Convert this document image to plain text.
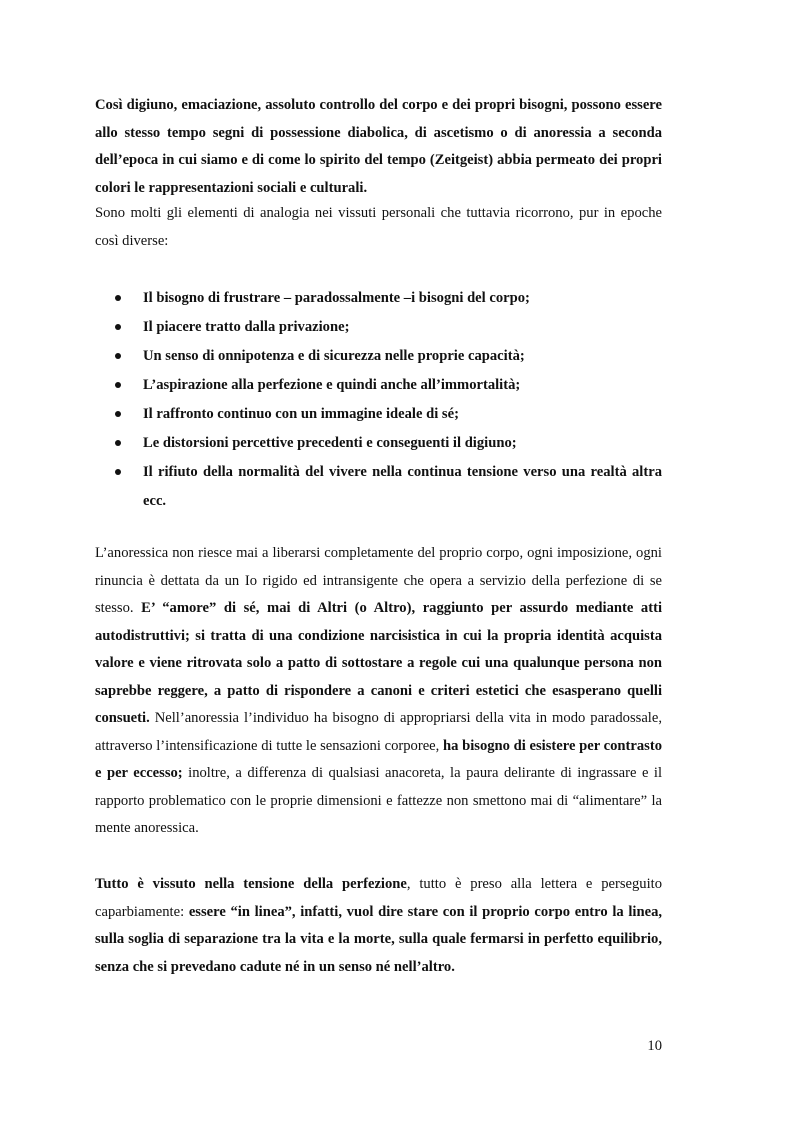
Così digiuno, emaciazione, assoluto controllo del corpo e dei propri bisogni, possono essere allo stesso tempo segni di possessione diabolica, di ascetismo o di anoressia a seconda dell’epoca in cui siamo e di come lo spirito del tempo (Zeitgeist) abbia permeato dei propri colori le rappresentazioni sociali e culturali.

Sono molti gli elementi di analogia nei vissuti personali che tuttavia ricorrono, pur in epoche così diverse:

Il bisogno di frustrare – paradossalmente –i bisogni del corpo;
Il piacere tratto dalla privazione;
Un senso di onnipotenza e di sicurezza nelle proprie capacità;
L’aspirazione alla perfezione e quindi anche all’immortalità;
Il raffronto continuo con un immagine ideale di sé;
Le distorsioni percettive precedenti e conseguenti il digiuno;
Il rifiuto della normalità del vivere nella continua tensione verso una realtà altra ecc.

L’anoressica non riesce mai a liberarsi completamente del proprio corpo, ogni imposizione, ogni rinuncia è dettata da un Io rigido ed intransigente che opera a servizio della perfezione di se stesso. E’ “amore” di sé, mai di Altri (o Altro), raggiunto per assurdo mediante atti autodistruttivi; si tratta di una condizione narcisistica in cui la propria identità acquista valore e viene ritrovata solo a patto di sottostare a regole cui una qualunque persona non saprebbe reggere, a patto di rispondere a canoni e criteri estetici che esasperano quelli consueti. Nell’anoressia l’individuo ha bisogno di appropriarsi della vita in modo paradossale, attraverso l’intensificazione di tutte le sensazioni corporee, ha bisogno di esistere per contrasto e per eccesso; inoltre, a differenza di qualsiasi anacoreta, la paura delirante di ingrassare e il rapporto problematico con le proprie dimensioni e fattezze non smettono mai di “alimentare” la mente anoressica.

Tutto è vissuto nella tensione della perfezione, tutto è preso alla lettera e perseguito caparbiamente: essere “in linea”, infatti, vuol dire stare con il proprio corpo entro la linea, sulla soglia di separazione tra la vita e la morte, sulla quale fermarsi in perfetto equilibrio, senza che si prevedano cadute né in un senso né nell’altro.

10
